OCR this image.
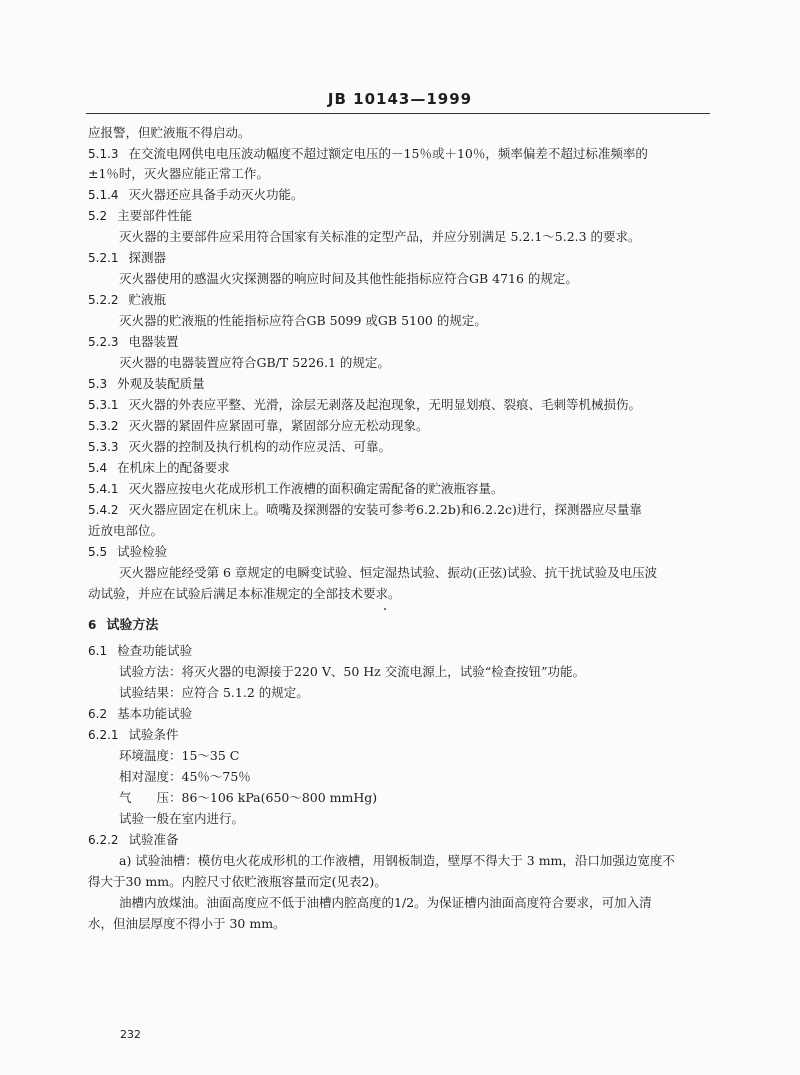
JB 10143—1999
应报警，但贮液瓶不得启动。
5.1.3 在交流电网供电电压波动幅度不超过额定电压的－15％或＋10％，频率偏差不超过标准频率的
±1％时，灭火器应能正常工作。
5.1.4 灭火器还应具备手动灭火功能。
5.2 主要部件性能
灭火器的主要部件应采用符合国家有关标准的定型产品，并应分别满足 5.2.1～5.2.3 的要求。
5.2.1 探测器
灭火器使用的感温火灾探测器的响应时间及其他性能指标应符合GB 4716 的规定。
5.2.2 贮液瓶
灭火器的贮液瓶的性能指标应符合GB 5099 或GB 5100 的规定。
5.2.3 电器装置
灭火器的电器装置应符合GB/T 5226.1 的规定。
5.3 外观及装配质量
5.3.1 灭火器的外表应平整、光滑，涂层无剥落及起泡现象，无明显划痕、裂痕、毛刺等机械损伤。
5.3.2 灭火器的紧固件应紧固可靠，紧固部分应无松动现象。
5.3.3 灭火器的控制及执行机构的动作应灵活、可靠。
5.4 在机床上的配备要求
5.4.1 灭火器应按电火花成形机工作液槽的面积确定需配备的贮液瓶容量。
5.4.2 灭火器应固定在机床上。喷嘴及探测器的安装可参考6.2.2b)和6.2.2c)进行，探测器应尽量靠
近放电部位。
5.5 试验检验
灭火器应能经受第 6 章规定的电瞬变试验、恒定湿热试验、振动(正弦)试验、抗干扰试验及电压波
动试验，并应在试验后满足本标准规定的全部技术要求。
6 试验方法
6.1 检查功能试验
试验方法：将灭火器的电源接于220 V、50 Hz 交流电源上，试验“检查按钮”功能。
试验结果：应符合 5.1.2 的规定。
6.2 基本功能试验
6.2.1 试验条件
环境温度：15～35 C
相对湿度：45％～75％
气　　压：86～106 kPa(650～800 mmHg)
试验一般在室内进行。
6.2.2 试验准备
a) 试验油槽：模仿电火花成形机的工作液槽，用钢板制造，壁厚不得大于 3 mm，沿口加强边宽度不
得大于30 mm。内腔尺寸依贮液瓶容量而定(见表2)。
油槽内放煤油。油面高度应不低于油槽内腔高度的1/2。为保证槽内油面高度符合要求，可加入清
水，但油层厚度不得小于 30 mm。
232
